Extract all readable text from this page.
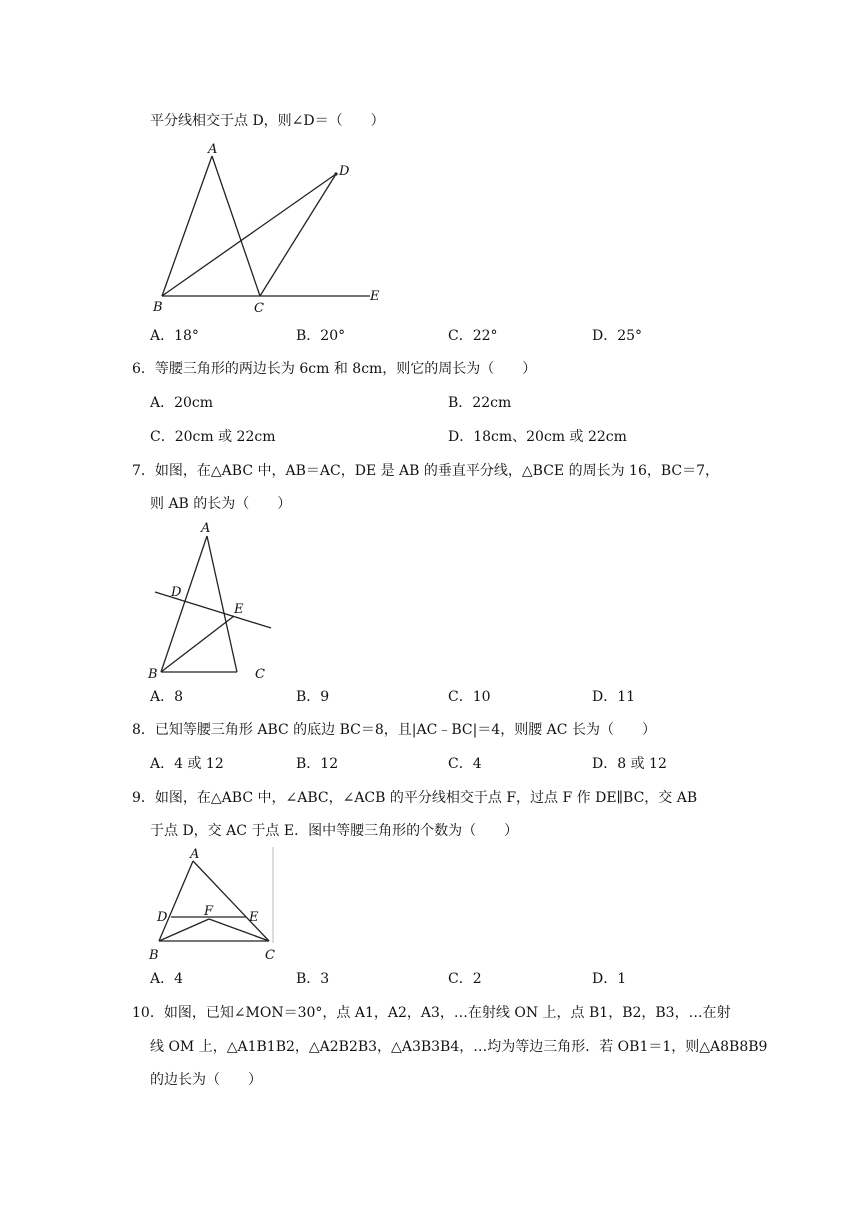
平分线相交于点 D，则∠D＝（　　）
A
B	C
D
E
A．18°	B．20°	C．22°	D．25°
6．等腰三角形的两边长为 6cm 和 8cm，则它的周长为（　　）
A．20cm	B．22cm
C．20cm 或 22cm	D．18cm、20cm 或 22cm
7．如图，在△ABC 中，AB＝AC，DE 是 AB 的垂直平分线，△BCE 的周长为 16，BC＝7，
则 AB 的长为（　　）
A
B	C
D
E
A．8	B．9	C．10	D．11
8．已知等腰三角形 ABC 的底边 BC＝8，且|AC﹣BC|＝4，则腰 AC 长为（　　）
A．4 或 12	B．12	C．4	D．8 或 12
9．如图，在△ABC 中，∠ABC，∠ACB 的平分线相交于点 F，过点 F 作 DE∥BC，交 AB
于点 D，交 AC 于点 E．图中等腰三角形的个数为（　　）
A
B	C
D	E
F
A．4	B．3	C．2	D．1
10．如图，已知∠MON＝30°，点 A1，A2，A3，…在射线 ON 上，点 B1，B2，B3，…在射
线 OM 上，△A1B1B2，△A2B2B3，△A3B3B4，…均为等边三角形．若 OB1＝1，则△A8B8B9
的边长为（　　）
